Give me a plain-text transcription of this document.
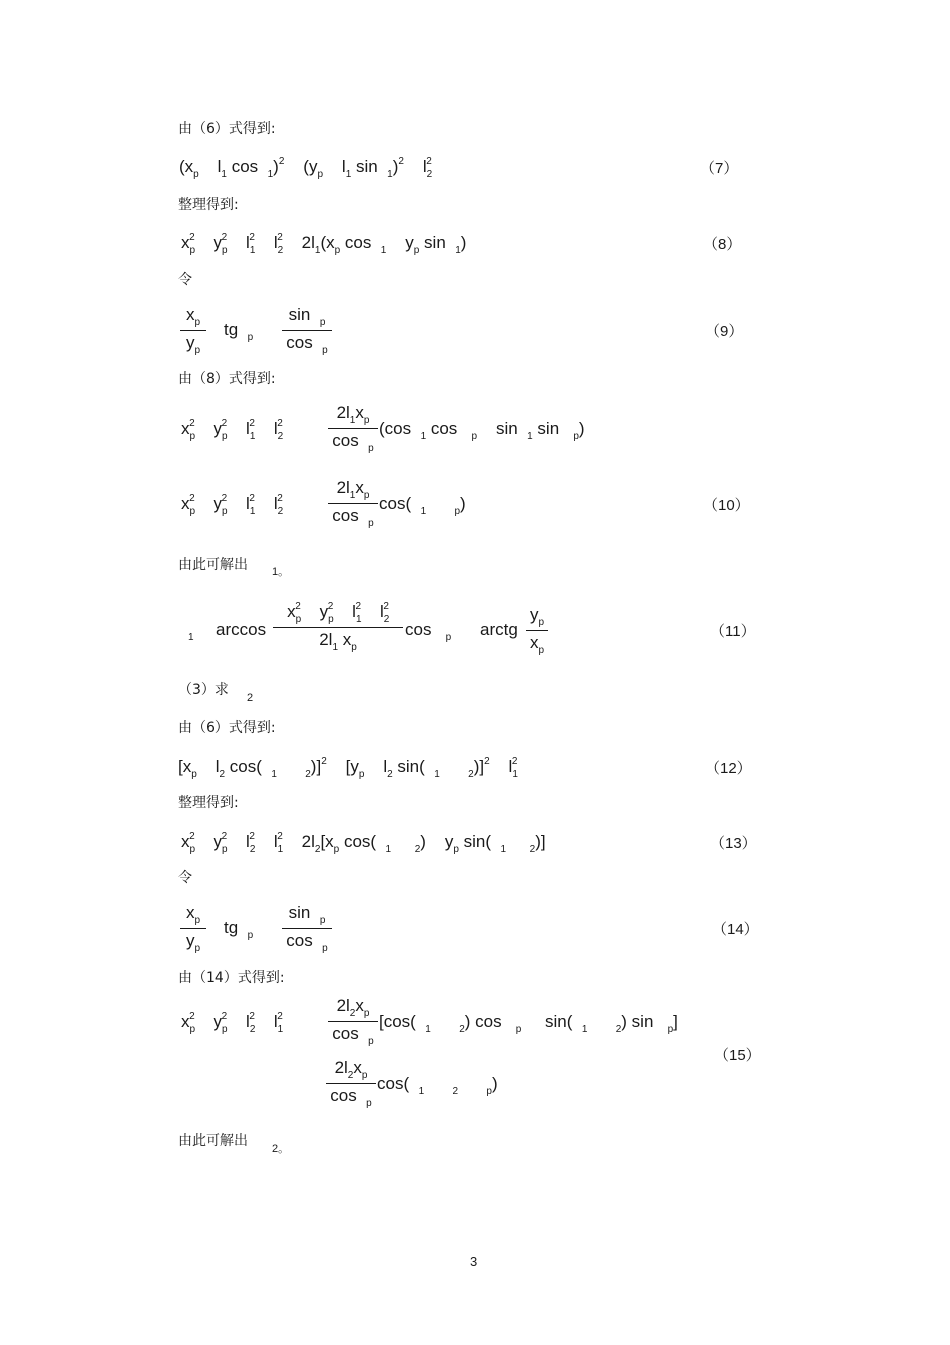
由（6）式得到:
($x_p$    $l_1$ cos  $_1$)$^2$    ($y_p$    $l_1$ sin  $_1$)$^2$    $l_2^2$	（7）
整理得到:
$x_p^2$    $y_p^2$    $l_1^2$    $l_2^2$    $2l_1(x_p$ cos  $_1$    $y_p$ sin  $_1$)	（8）
令
$x_p$
$y_p$
tg  $_p$
sin  $_p$
cos  $_p$
（9）
由（8）式得到:
$x_p^2$    $y_p^2$    $l_1^2$    $l_2^2$
$2l_1x_p$
cos  $_p$
(cos  $_1$ cos   $_p$    sin  $_1$ sin   $_p$)
$x_p^2$    $y_p^2$    $l_1^2$    $l_2^2$
$2l_1x_p$
cos  $_p$
cos(  $_1$	$_p$)	（10）
由此可解出 1。
$_1$ arccos
$x_p^2$    $y_p^2$    $l_1^2$    $l_2^2$
$2l_1$ $x_p$
cos   $_p$ arctg
$y_p$
$x_p$
（11）
（3）求 2
由（6）式得到:
[$x_p$    $l_2$ cos(  $_1$	$_2$)]$^2$    [$y_p$    $l_2$ sin(  $_1$	$_2$)]$^2$    $l_1^2$	（12）
整理得到:
$x_p^2$    $y_p^2$    $l_2^2$    $l_1^2$    $2l_2[x_p$ cos(  $_1$ $_2$)    $y_p$ sin(  $_1$ $_2$)]	（13）
令
$x_p$
$y_p$
tg  $_p$
sin  $_p$
cos  $_p$
（14）
由（14）式得到:
$x_p^2$    $y_p^2$    $l_2^2$    $l_1^2$
$2l_2x_p$
cos  $_p$
[cos(  $_1$	$_2$) cos   $_p$     sin(  $_1$	$_2$) sin   $_p$]
$2l_2x_p$
cos  $_p$
cos(  $_1$	$_2$	$_p$)
（15）
由此可解出 2。
3
